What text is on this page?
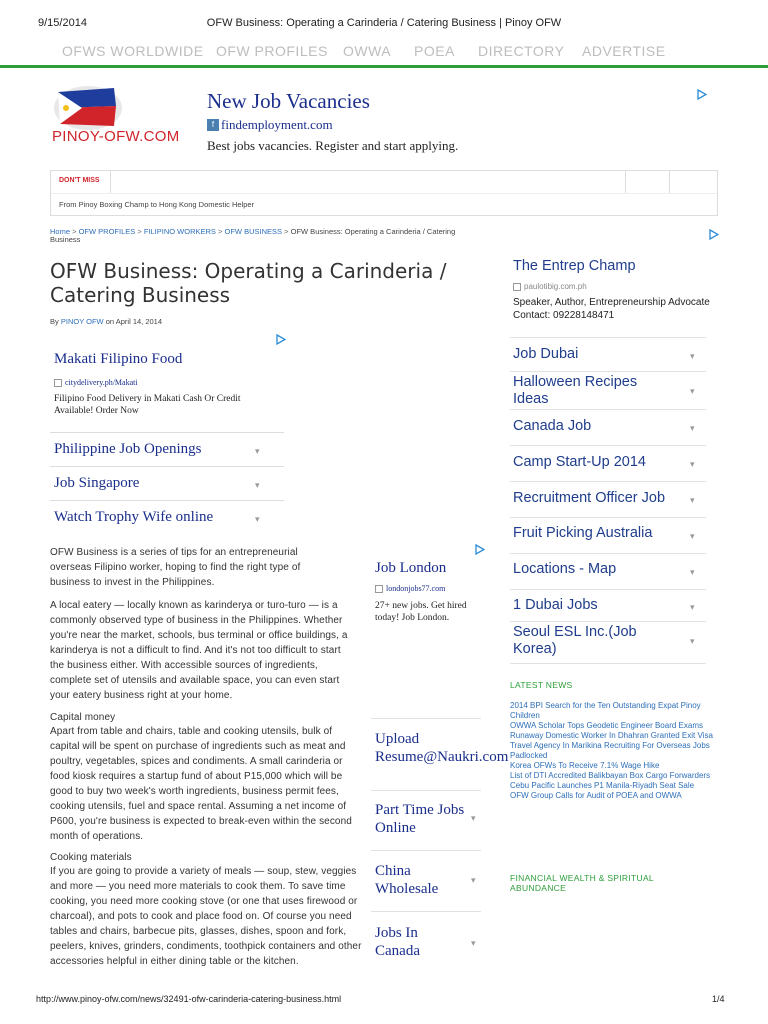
9/15/2014	OFW Business: Operating a Carinderia / Catering Business | Pinoy OFW
OFWS WORLDWIDE OFW PROFILES OWWA POEA DIRECTORY ADVERTISE
PINOY-OFW.COM
New Job Vacancies
f findemployment.com
Best jobs vacancies. Register and start applying.
DON'T MISS
From Pinoy Boxing Champ to Hong Kong Domestic Helper
Home > OFW PROFILES > FILIPINO WORKERS > OFW BUSINESS > OFW Business: Operating a Carinderia / Catering Business
OFW Business: Operating a Carinderia / Catering Business
By PINOY OFW on April 14, 2014
Makati Filipino Food
citydelivery.ph/Makati
Filipino Food Delivery in Makati Cash Or Credit Available! Order Now
Philippine Job Openings	▾
Job Singapore	▾
Watch Trophy Wife online	▾
OFW Business is a series of tips for an entrepreneurial overseas Filipino worker, hoping to find the right type of business to invest in the Philippines.
A local eatery — locally known as karinderya or turo-turo — is a commonly observed type of business in the Philippines. Whether you're near the market, schools, bus terminal or office buildings, a karinderya is not a difficult to find. And it's not too difficult to start the business either. With accessible sources of ingredients, complete set of utensils and available space, you can even start your eatery business right at your home.
Capital money
Apart from table and chairs, table and cooking utensils, bulk of capital will be spent on purchase of ingredients such as meat and poultry, vegetables, spices and condiments. A small carinderia or food kiosk requires a startup fund of about P15,000 which will be good to buy two week's worth ingredients, business permit fees, cooking utensils, fuel and space rental. Assuming a net income of P600, you're business is expected to break-even within the second month of operations.
Cooking materials
If you are going to provide a variety of meals — soup, stew, veggies and more — you need more materials to cook them. To save time cooking, you need more cooking stove (or one that uses firewood or charcoal), and pots to cook and place food on. Of course you need tables and chairs, barbecue pits, glasses, dishes, spoon and fork, peelers, knives, grinders, condiments, toothpick containers and other accessories helpful in either dining table or the kitchen.
Job London
londonjobs77.com
27+ new jobs. Get hired today! Job London.
Upload Resume@Naukri.com
Part Time Jobs Online
▾
China Wholesale
▾
Jobs In Canada	▾
The Entrep Champ
paulotibig.com.ph
Speaker, Author, Entrepreneurship Advocate Contact: 09228148471
Job Dubai	▾
Halloween Recipes Ideas	▾
Canada Job	▾
Camp Start-Up 2014	▾
Recruitment Officer Job	▾
Fruit Picking Australia	▾
Locations - Map	▾
1 Dubai Jobs	▾
Seoul ESL Inc.(Job Korea)	▾
LATEST NEWS
2014 BPI Search for the Ten Outstanding Expat Pinoy Children
OWWA Scholar Tops Geodetic Engineer Board Exams
Runaway Domestic Worker In Dhahran Granted Exit Visa
Travel Agency In Marikina Recruiting For Overseas Jobs Padlocked
Korea OFWs To Receive 7.1% Wage Hike
List of DTI Accredited Balikbayan Box Cargo Forwarders
Cebu Pacific Launches P1 Manila-Riyadh Seat Sale
OFW Group Calls for Audit of POEA and OWWA
FINANCIAL WEALTH & SPIRITUAL ABUNDANCE
http://www.pinoy-ofw.com/news/32491-ofw-carinderia-catering-business.html	1/4
